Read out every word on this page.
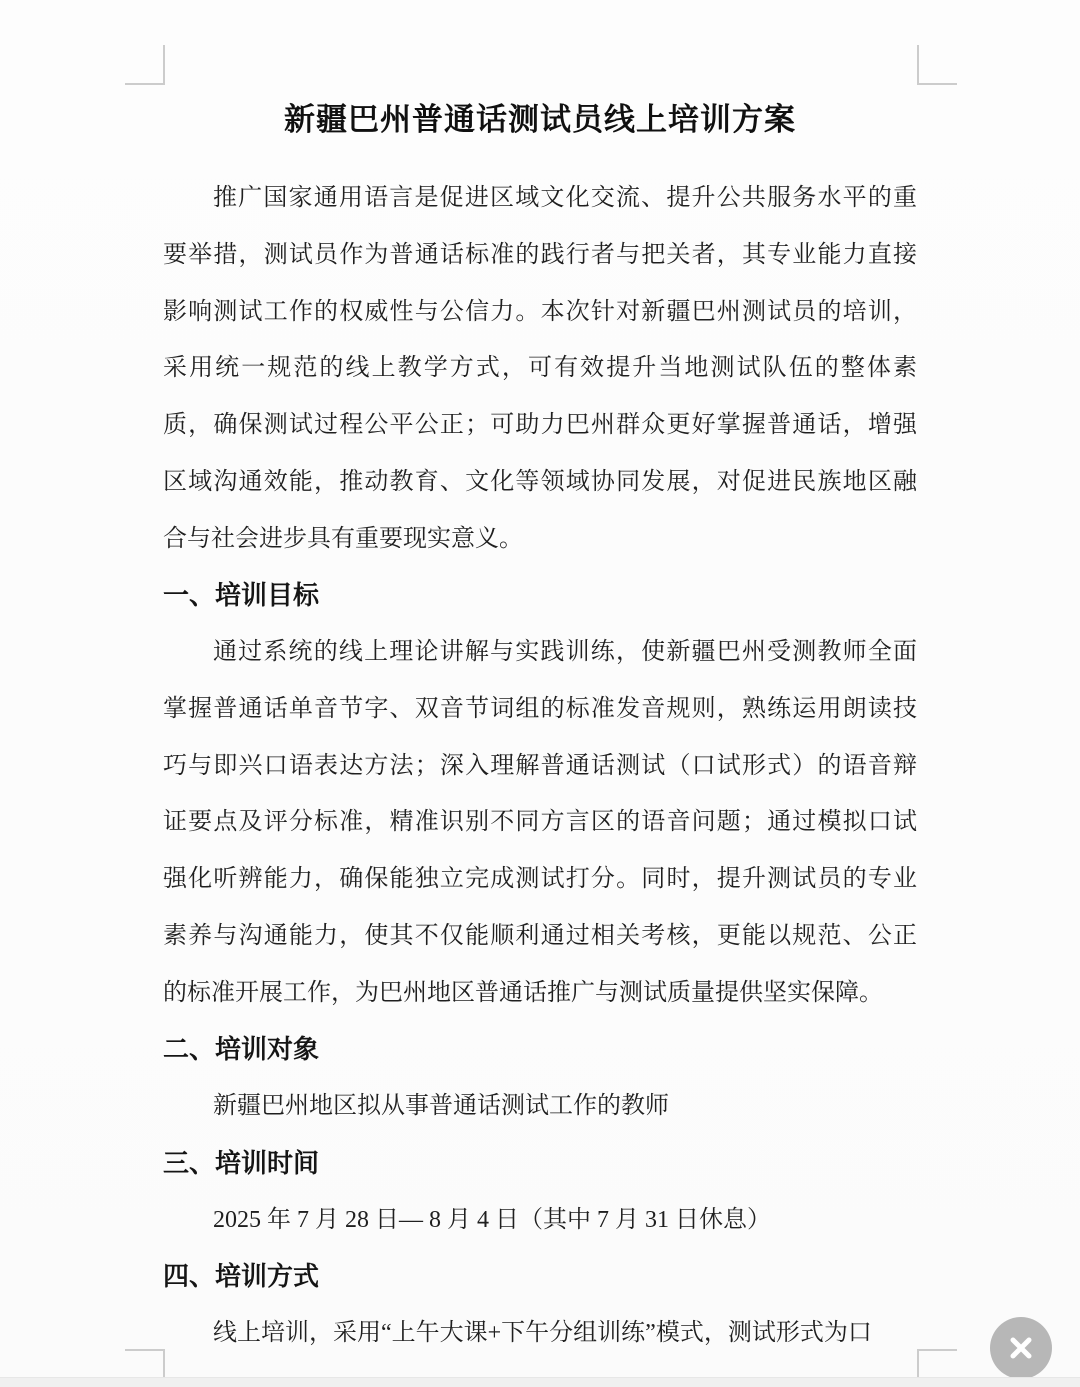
新疆巴州普通话测试员线上培训方案
推广国家通用语言是促进区域文化交流、提升公共服务水平的重
要举措，测试员作为普通话标准的践行者与把关者，其专业能力直接
影响测试工作的权威性与公信力。本次针对新疆巴州测试员的培训，
采用统一规范的线上教学方式，可有效提升当地测试队伍的整体素
质，确保测试过程公平公正；可助力巴州群众更好掌握普通话，增强
区域沟通效能，推动教育、文化等领域协同发展，对促进民族地区融
合与社会进步具有重要现实意义。
一、培训目标
通过系统的线上理论讲解与实践训练，使新疆巴州受测教师全面
掌握普通话单音节字、双音节词组的标准发音规则，熟练运用朗读技
巧与即兴口语表达方法；深入理解普通话测试（口试形式）的语音辩
证要点及评分标准，精准识别不同方言区的语音问题；通过模拟口试
强化听辨能力，确保能独立完成测试打分。同时，提升测试员的专业
素养与沟通能力，使其不仅能顺利通过相关考核，更能以规范、公正
的标准开展工作，为巴州地区普通话推广与测试质量提供坚实保障。
二、培训对象
新疆巴州地区拟从事普通话测试工作的教师
三、培训时间
2025 年 7 月 28 日— 8 月 4 日（其中 7 月 31 日休息）
四、培训方式
线上培训，采用“上午大课+下午分组训练”模式，测试形式为口
